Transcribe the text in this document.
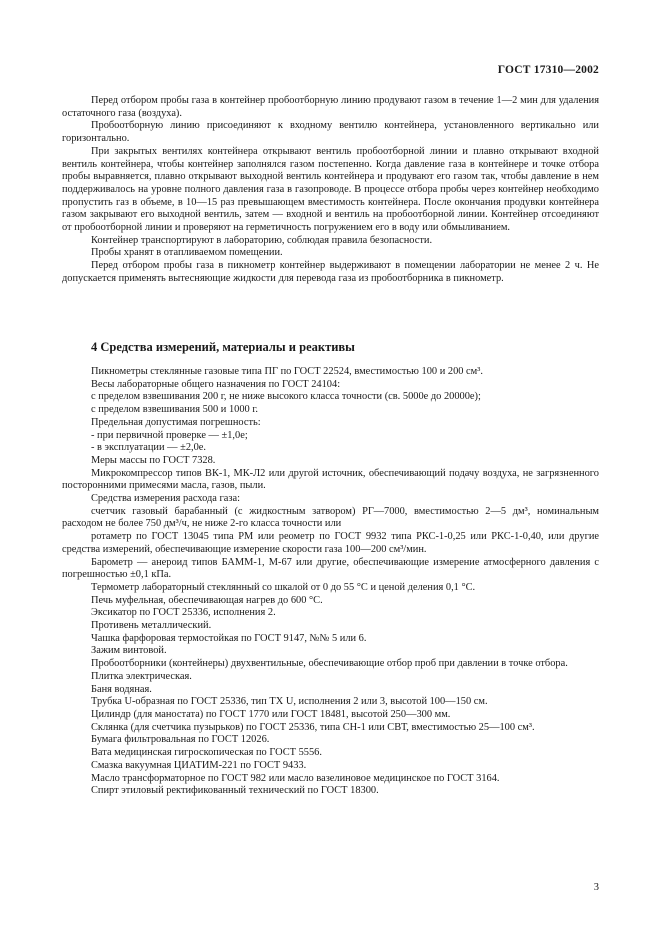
ГОСТ 17310—2002

Перед отбором пробы газа в контейнер пробоотборную линию продувают газом в течение 1—2 мин для удаления остаточного газа (воздуха).

Пробоотборную линию присоединяют к входному вентилю контейнера, установленного вертикально или горизонтально.

При закрытых вентилях контейнера открывают вентиль пробоотборной линии и плавно открывают входной вентиль контейнера, чтобы контейнер заполнялся газом постепенно. Когда давление газа в контейнере и точке отбора пробы выравняется, плавно открывают выходной вентиль контейнера и продувают его газом так, чтобы давление в нем поддерживалось на уровне полного давления газа в газопроводе. В процессе отбора пробы через контейнер необходимо пропустить газ в объеме, в 10—15 раз превышающем вместимость контейнера. После окончания продувки контейнера газом закрывают его выходной вентиль, затем — входной и вентиль на пробоотборной линии. Контейнер отсоединяют от пробоотборной линии и проверяют на герметичность погружением его в воду или обмыливанием.

Контейнер транспортируют в лабораторию, соблюдая правила безопасности.

Пробы хранят в отапливаемом помещении.

Перед отбором пробы газа в пикнометр контейнер выдерживают в помещении лаборатории не менее 2 ч. Не допускается применять вытесняющие жидкости для перевода газа из пробоотборника в пикнометр.

4 Средства измерений, материалы и реактивы

Пикнометры стеклянные газовые типа ПГ по ГОСТ 22524, вместимостью 100 и 200 см³.

Весы лабораторные общего назначения по ГОСТ 24104:

с пределом взвешивания 200 г, не ниже высокого класса точности (св. 5000е до 20000е);

с пределом взвешивания 500 и 1000 г.

Предельная допустимая погрешность:

- при первичной проверке — ±1,0е;

- в эксплуатации — ±2,0е.

Меры массы по ГОСТ 7328.

Микрокомпрессор типов ВК-1, МК-Л2 или другой источник, обеспечивающий подачу воздуха, не загрязненного посторонними примесями масла, газов, пыли.

Средства измерения расхода газа:

счетчик газовый барабанный (с жидкостным затвором) РГ—7000, вместимостью 2—5 дм³, номинальным расходом не более 750 дм³/ч, не ниже 2-го класса точности или

ротаметр по ГОСТ 13045 типа РМ или реометр по ГОСТ 9932 типа РКС-1-0,25 или РКС-1-0,40, или другие средства измерений, обеспечивающие измерение скорости газа 100—200 см³/мин.

Барометр — анероид типов БАММ-1, М-67 или другие, обеспечивающие измерение атмосферного давления с погрешностью ±0,1 кПа.

Термометр лабораторный стеклянный со шкалой от 0 до 55 °С и ценой деления 0,1 °С.

Печь муфельная, обеспечивающая нагрев до 600 °С.

Эксикатор по ГОСТ 25336, исполнения 2.

Противень металлический.

Чашка фарфоровая термостойкая по ГОСТ 9147, №№ 5 или 6.

Зажим винтовой.

Пробоотборники (контейнеры) двухвентильные, обеспечивающие отбор проб при давлении в точке отбора.

Плитка электрическая.

Баня водяная.

Трубка U-образная по ГОСТ 25336, тип ТХ U, исполнения 2 или 3, высотой 100—150 см.

Цилиндр (для маностата) по ГОСТ 1770 или ГОСТ 18481, высотой 250—300 мм.

Склянка (для счетчика пузырьков) по ГОСТ 25336, типа СН-1 или СВТ, вместимостью 25—100 см³.

Бумага фильтровальная по ГОСТ 12026.

Вата медицинская гигроскопическая по ГОСТ 5556.

Смазка вакуумная ЦИАТИМ-221 по ГОСТ 9433.

Масло трансформаторное по ГОСТ 982 или масло вазелиновое медицинское по ГОСТ 3164.

Спирт этиловый ректификованный технический по ГОСТ 18300.

3
